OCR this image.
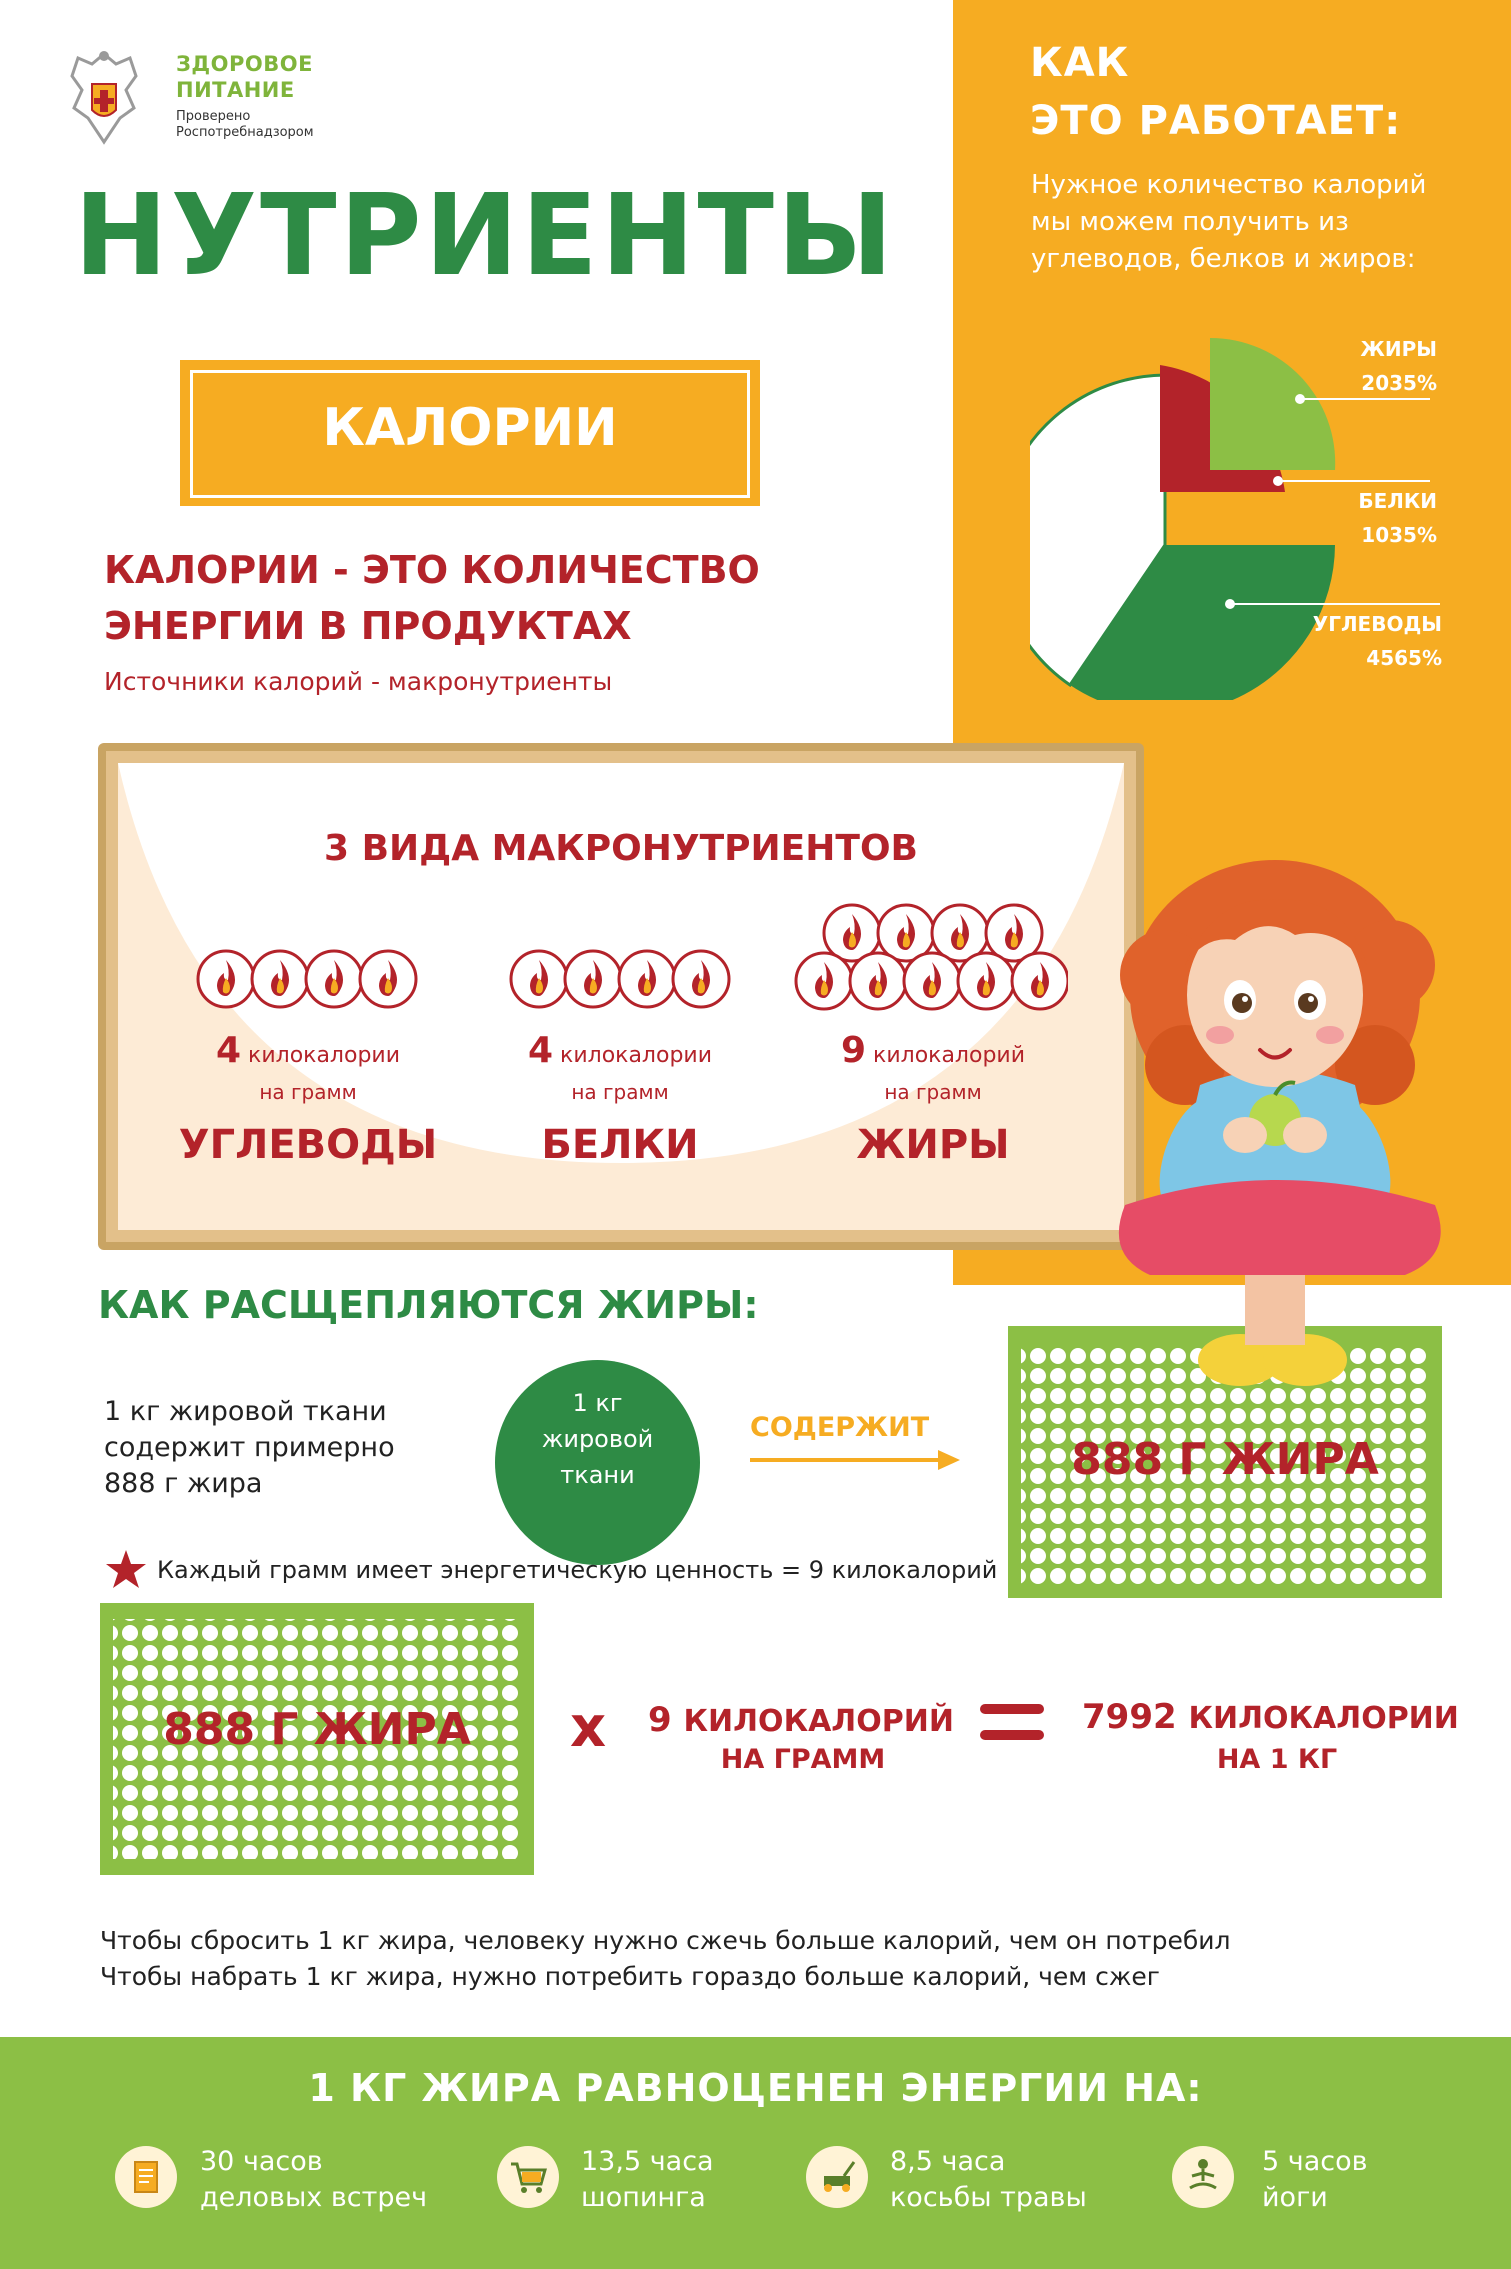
ЗДОРОВОЕ
ПИТАНИЕ
Проверено
Роспотребнадзором
НУТРИЕНТЫ
КАЛОРИИ
КАЛОРИИ - ЭТО КОЛИЧЕСТВО
ЭНЕРГИИ В ПРОДУКТАХ
Источники калорий - макронутриенты
КАК
ЭТО РАБОТАЕТ:
Нужное количество калорий
мы можем получить из
углеводов, белков и жиров:
ЖИРЫ
2035%
БЕЛКИ
1035%
УГЛЕВОДЫ
4565%
3 ВИДА МАКРОНУТРИЕНТОВ
4 килокалории
на грамм
УГЛЕВОДЫ
4 килокалории
на грамм
БЕЛКИ
9 килокалорий
на грамм
ЖИРЫ
КАК РАСЩЕПЛЯЮТСЯ ЖИРЫ:
1 кг жировой ткани
содержит примерно
888 г жира
1 кг
жировой
ткани
СОДЕРЖИТ
888 Г ЖИРА
Каждый грамм имеет энергетическую ценность = 9 килокалорий
888 Г ЖИРА	х 9 КИЛОКАЛОРИЙ
НА ГРАММ
7992 КИЛОКАЛОРИИ
НА 1 КГ
Чтобы сбросить 1 кг жира, человеку нужно сжечь больше калорий, чем он потребил
Чтобы набрать 1 кг жира, нужно потребить гораздо больше калорий, чем сжег
1 КГ ЖИРА РАВНОЦЕНЕН ЭНЕРГИИ НА:
30 часов
деловых встреч
13,5 часа
шопинга
8,5 часа
косьбы травы
5 часов
йоги
